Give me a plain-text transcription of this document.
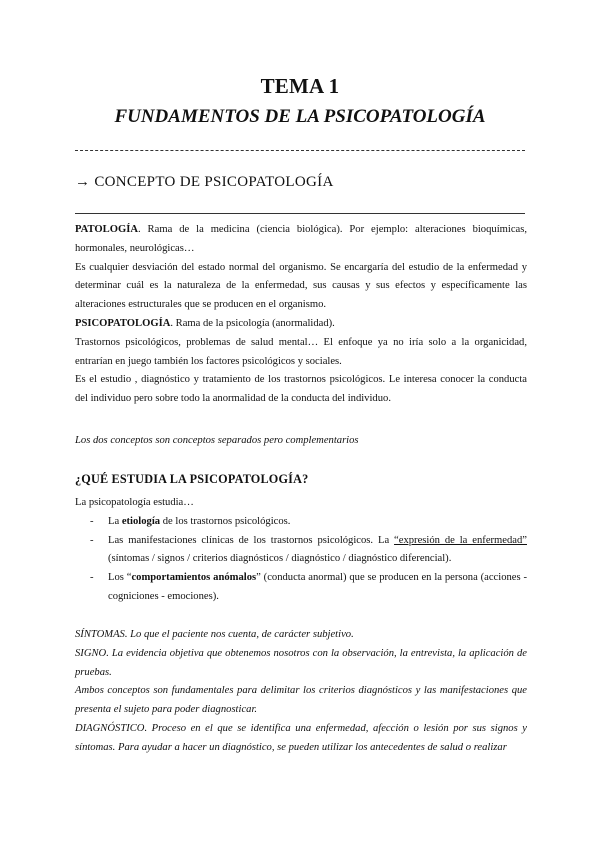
TEMA 1
FUNDAMENTOS DE LA PSICOPATOLOGÍA
→ CONCEPTO DE PSICOPATOLOGÍA

PATOLOGÍA. Rama de la medicina (ciencia biológica). Por ejemplo: alteraciones bioquímicas, hormonales, neurológicas…

Es cualquier desviación del estado normal del organismo. Se encargaría del estudio de la enfermedad y determinar cuál es la naturaleza de la enfermedad, sus causas y sus efectos y específicamente las alteraciones estructurales que se producen en el organismo.

PSICOPATOLOGÍA. Rama de la psicología (anormalidad).

Trastornos psicológicos, problemas de salud mental… El enfoque ya no iría solo a la organicidad, entrarían en juego también los factores psicológicos y sociales.

Es el estudio , diagnóstico y tratamiento de los trastornos psicológicos. Le interesa conocer la conducta del individuo pero sobre todo la anormalidad de la conducta del individuo.

Los dos conceptos son conceptos separados pero complementarios
¿QUÉ ESTUDIA LA PSICOPATOLOGÍA?

La psicopatología estudia…

- La etiología de los trastornos psicológicos.
- Las manifestaciones clínicas de los trastornos psicológicos. La “expresión de la enfermedad” (síntomas / signos / criterios diagnósticos / diagnóstico / diagnóstico diferencial).
- Los “comportamientos anómalos” (conducta anormal) que se producen en la persona (acciones - cogniciones - emociones).

SÍNTOMAS. Lo que el paciente nos cuenta, de carácter subjetivo.

SIGNO. La evidencia objetiva que obtenemos nosotros con la observación, la entrevista, la aplicación de pruebas.

Ambos conceptos son fundamentales para delimitar los criterios diagnósticos y las manifestaciones que presenta el sujeto para poder diagnosticar.

DIAGNÓSTICO. Proceso en el que se identifica una enfermedad, afección o lesión por sus signos y síntomas. Para ayudar a hacer un diagnóstico, se pueden utilizar los antecedentes de salud o realizar
